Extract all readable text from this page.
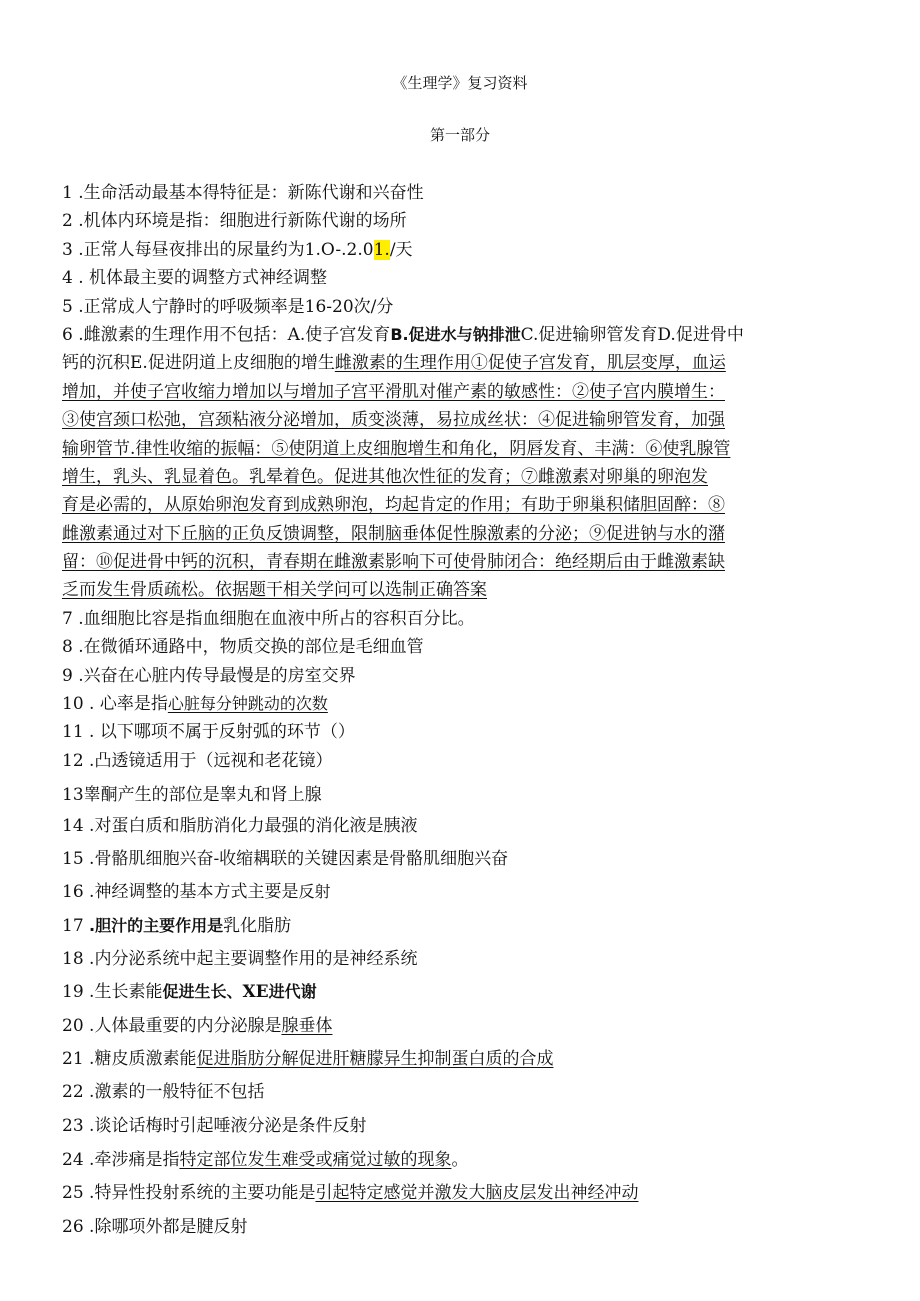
《生理学》复习资料
第一部分
1 .生命活动最基本得特征是：新陈代谢和兴奋性
2 .机体内环境是指：细胞进行新陈代谢的场所
3 .正常人每昼夜排出的尿量约为1.O-.2.01./天
4 . 机体最主要的调整方式神经调整
5 .正常成人宁静时的呼吸频率是16-20次/分
6 .雌激素的生理作用不包括：A.使子宫发育B.促进水与钠排泄C.促进输卵管发育D.促进骨中
钙的沉积E.促进阴道上皮细胞的增生雌激素的生理作用①促使子宫发育，肌层变厚，血运
增加，并使子宫收缩力增加以与增加子宫平滑肌对催产素的敏感性：②使子宫内膜增生：
③使宫颈口松弛，宫颈粘液分泌增加，质变淡薄，易拉成丝状：④促进输卵管发育，加强
输卵管节.律性收缩的振幅：⑤使阴道上皮细胞增生和角化，阴唇发育、丰满：⑥使乳腺管
增生，乳头、乳显着色。乳晕着色。促进其他次性征的发育；⑦雌激素对卵巢的卵泡发
育是必需的，从原始卵泡发育到成熟卵泡，均起肯定的作用；有助于卵巢积储胆固醉：⑧
雌激素通过对下丘脑的正负反馈调整，限制脑垂体促性腺激素的分泌；⑨促进钠与水的潴
留：⑩促进骨中钙的沉积，青春期在雌激素影响下可使骨肺闭合：绝经期后由于雌激素缺
乏而发生骨质疏松。依据题干相关学问可以选制正确答案
7 .血细胞比容是指血细胞在血液中所占的容积百分比。
8 .在微循环通路中，物质交换的部位是毛细血管
9 .兴奋在心脏内传导最慢是的房室交界
10 . 心率是指心脏每分钟跳动的次数
11 . 以下哪项不属于反射弧的环节（）
12 .凸透镜适用于（远视和老花镜）
13睾酮产生的部位是睾丸和肾上腺
14 .对蛋白质和脂肪消化力最强的消化液是胰液
15 .骨骼肌细胞兴奋-收缩耦联的关键因素是骨骼肌细胞兴奋
16 .神经调整的基本方式主要是反射
17 .胆汁的主要作用是乳化脂肪
18 .内分泌系统中起主要调整作用的是神经系统
19 .生长素能促进生长、XE进代谢
20 .人体最重要的内分泌腺是腺垂体
21 .糖皮质激素能促进脂肪分解促进肝糖朦异生抑制蛋白质的合成
22 .激素的一般特征不包括
23 .谈论话梅时引起唾液分泌是条件反射
24 .牵涉痛是指特定部位发生难受或痛觉过敏的现象。
25 .特异性投射系统的主要功能是引起特定感觉并激发大脑皮层发出神经冲动
26 .除哪项外都是腱反射
